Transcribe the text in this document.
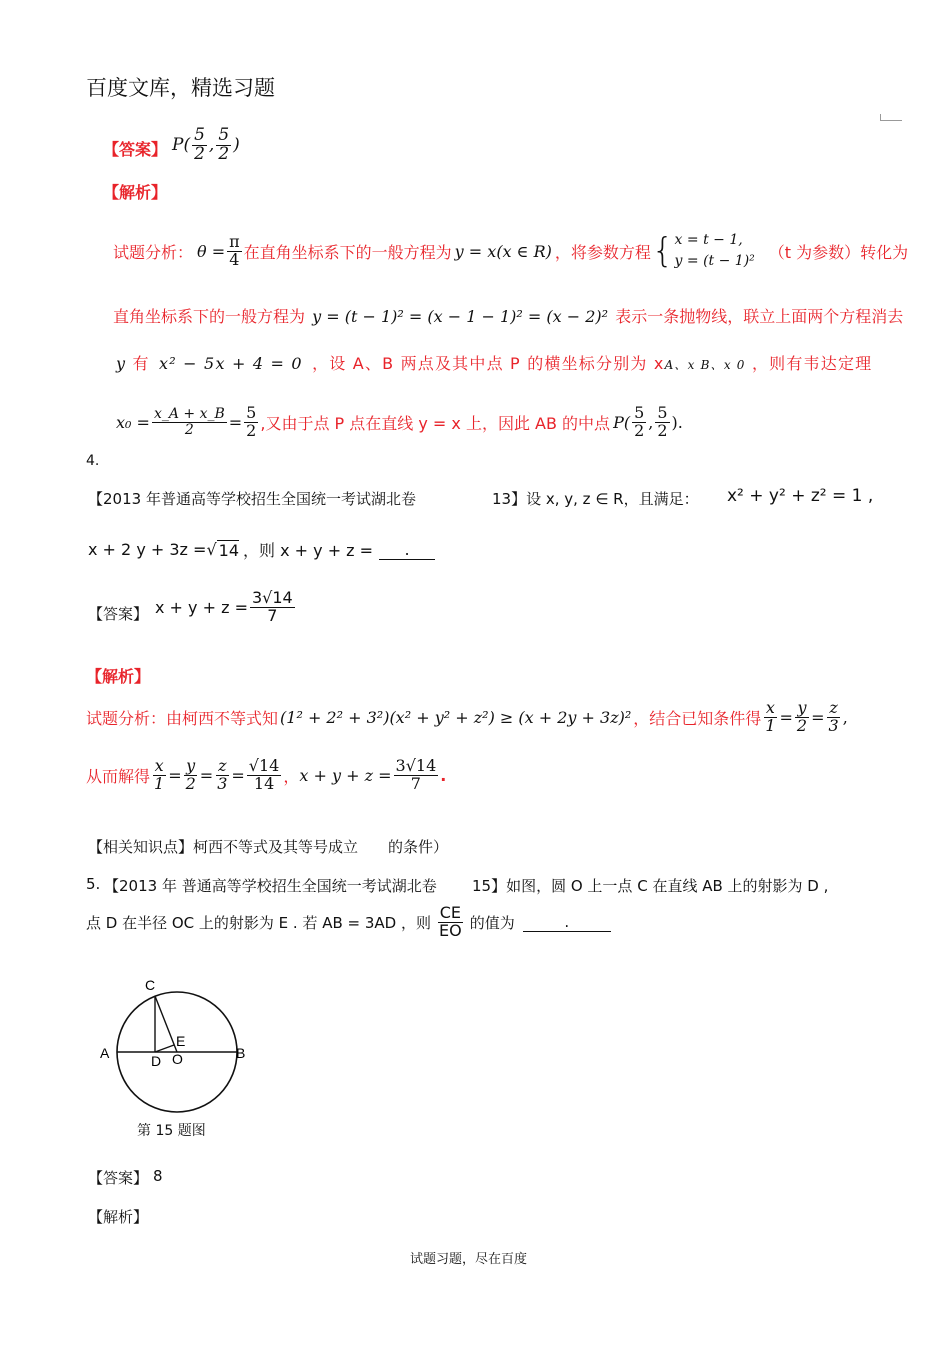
百度文库，精选习题
【答案】 $P( \frac{5}{2}$ , $\frac{5}{2}$ )
【解析】
试题分析： $\theta = \frac{\pi}{4}$ 在直角坐标系下的一般方程为 y = x(x ∈ R) ，将参数方程 { x = t − 1,
y = (t − 1)² （t 为参数）转化为
直角坐标系下的一般方程为 y = (t − 1)² = (x − 1 − 1)² = (x − 2)² 表示一条抛物线，联立上面两个方程消去
y 有 x² − 5x + 4 = 0 ，设 A、B 两点及其中点 P 的横坐标分别为 xA、x B、x 0 ，则有韦达定理
$x_0 = \frac{x\_A + x\_B}{2} = \frac{5}{2}$ ,又由于点 P 点在直线 y = x 上，因此 AB 的中点 $P( \frac{5}{2}$ , $\frac{5}{2}$ ).
4.
【2013 年普通高等学校招生全国统一考试湖北卷	13】设 x, y, z ∈ R，且满足： x² + y² + z² = 1 ,
x + 2 y + 3z = √ 14 ，则 x + y + z =	.
【答案】 $x + y + z = \frac{3√14}{7}$
【解析】
试题分析：由柯西不等式知 (1² + 2² + 3²)(x² + y² + z²) ≥ (x + 2y + 3z)² ，结合已知条件得 $\frac{x}{1} = \frac{y}{2} = \frac{z}{3}$ ,
从而解得 $\frac{x}{1} = \frac{y}{2} = \frac{z}{3} = \frac{√14}{14}$ ， $x + y + z = \frac{3√14}{7}$ .
【相关知识点】柯西不等式及其等号成立 的条件）
5. 【2013 年 普通高等学校招生全国统一考试湖北卷 15】如图，圆 O 上一点 C 在直线 AB 上的射影为 D ,
点 D 在半径 OC 上的射影为 E . 若 AB = 3AD ，则 $\frac{CE}{EO}$ 的值为	.
C
A	B
D O
E
第 15 题图
【答案】 8
【解析】
试题习题，尽在百度
